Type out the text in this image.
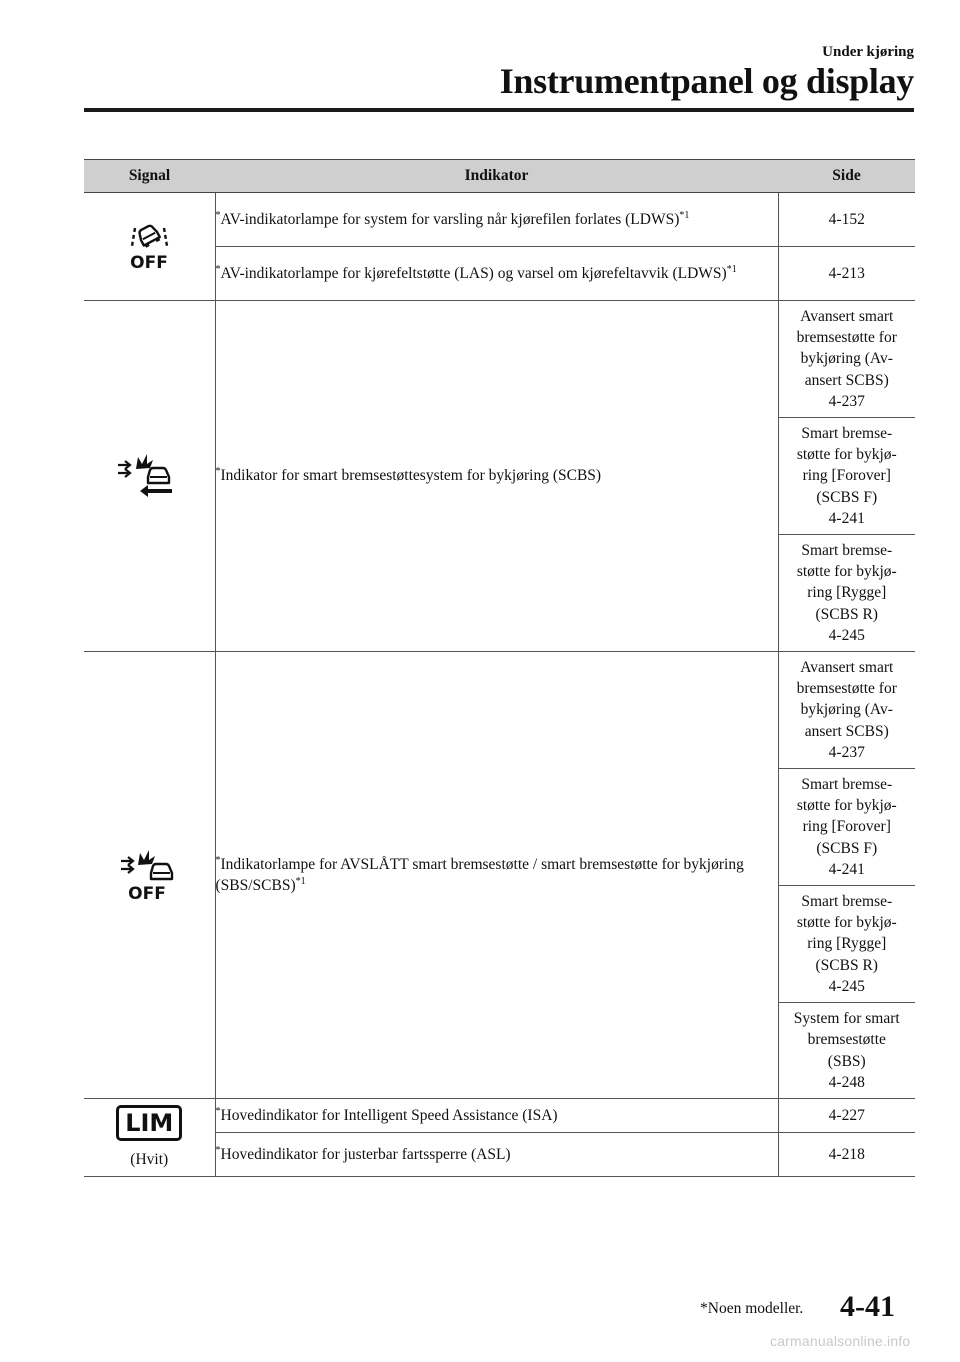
Under kjøring
Instrumentpanel og display
Signal	Indikator	Side

OFF	*AV-indikatorlampe for system for varsling når kjørefilen forlates (LDWS)$^{*1}$	4-152
	*AV-indikatorlampe for kjørefeltstøtte (LAS) og varsel om kjørefeltavvik (LDWS)$^{*1}$	4-213

	*Indikator for smart bremsestøttesystem for bykjøring (SCBS)	Avansert smart
bremsestøtte for
bykjøring (Av-
ansert SCBS)
4-237

		Smart bremse-
støtte for bykjø-
ring [Forover]
(SCBS F)
4-241

		Smart bremse-
støtte for bykjø-
ring [Rygge]
(SCBS R)
4-245

OFF	*Indikatorlampe for AVSLÅTT smart bremsestøtte / smart bremsestøtte for bykjøring (SBS/SCBS)$^{*1}$	Avansert smart
bremsestøtte for
bykjøring (Av-
ansert SCBS)
4-237

		Smart bremse-
støtte for bykjø-
ring [Forover]
(SCBS F)
4-241

		Smart bremse-
støtte for bykjø-
ring [Rygge]
(SCBS R)
4-245

		System for smart
bremsestøtte
(SBS)
4-248

LIM
(Hvit)	*Hovedindikator for Intelligent Speed Assistance (ISA)	4-227
	*Hovedindikator for justerbar fartssperre (ASL)	4-218
*Noen modeller. 4-41
carmanualsonline.info
